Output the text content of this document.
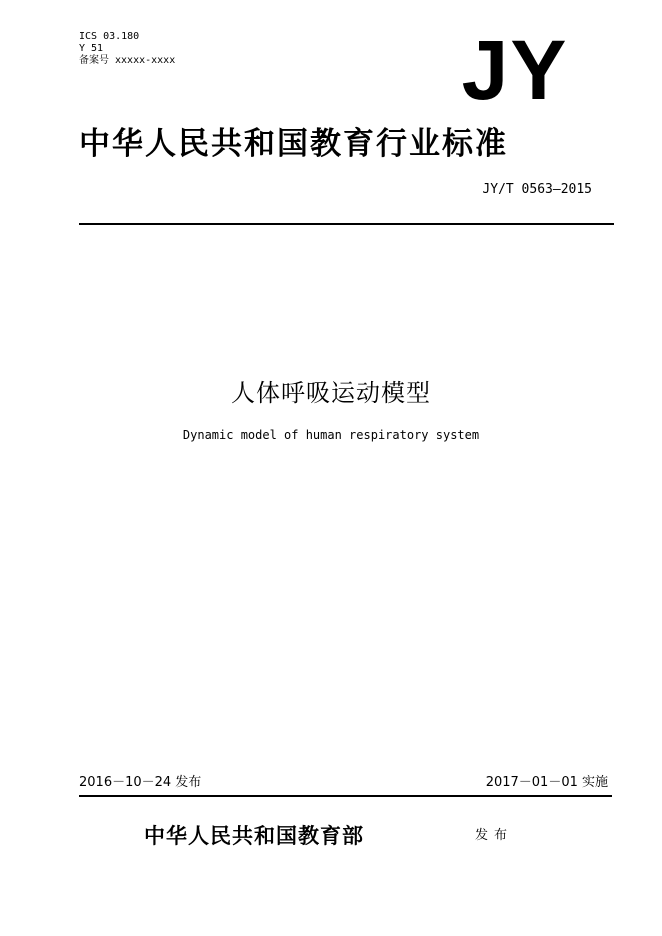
ICS 03.180
Y 51
备案号 xxxxx-xxxx	JY
中华人民共和国教育行业标准
JY/T 0563—2015
人体呼吸运动模型
Dynamic model of human respiratory system
2016－10－24 发布	2017－01－01 实施
中华人民共和国教育部	发布
